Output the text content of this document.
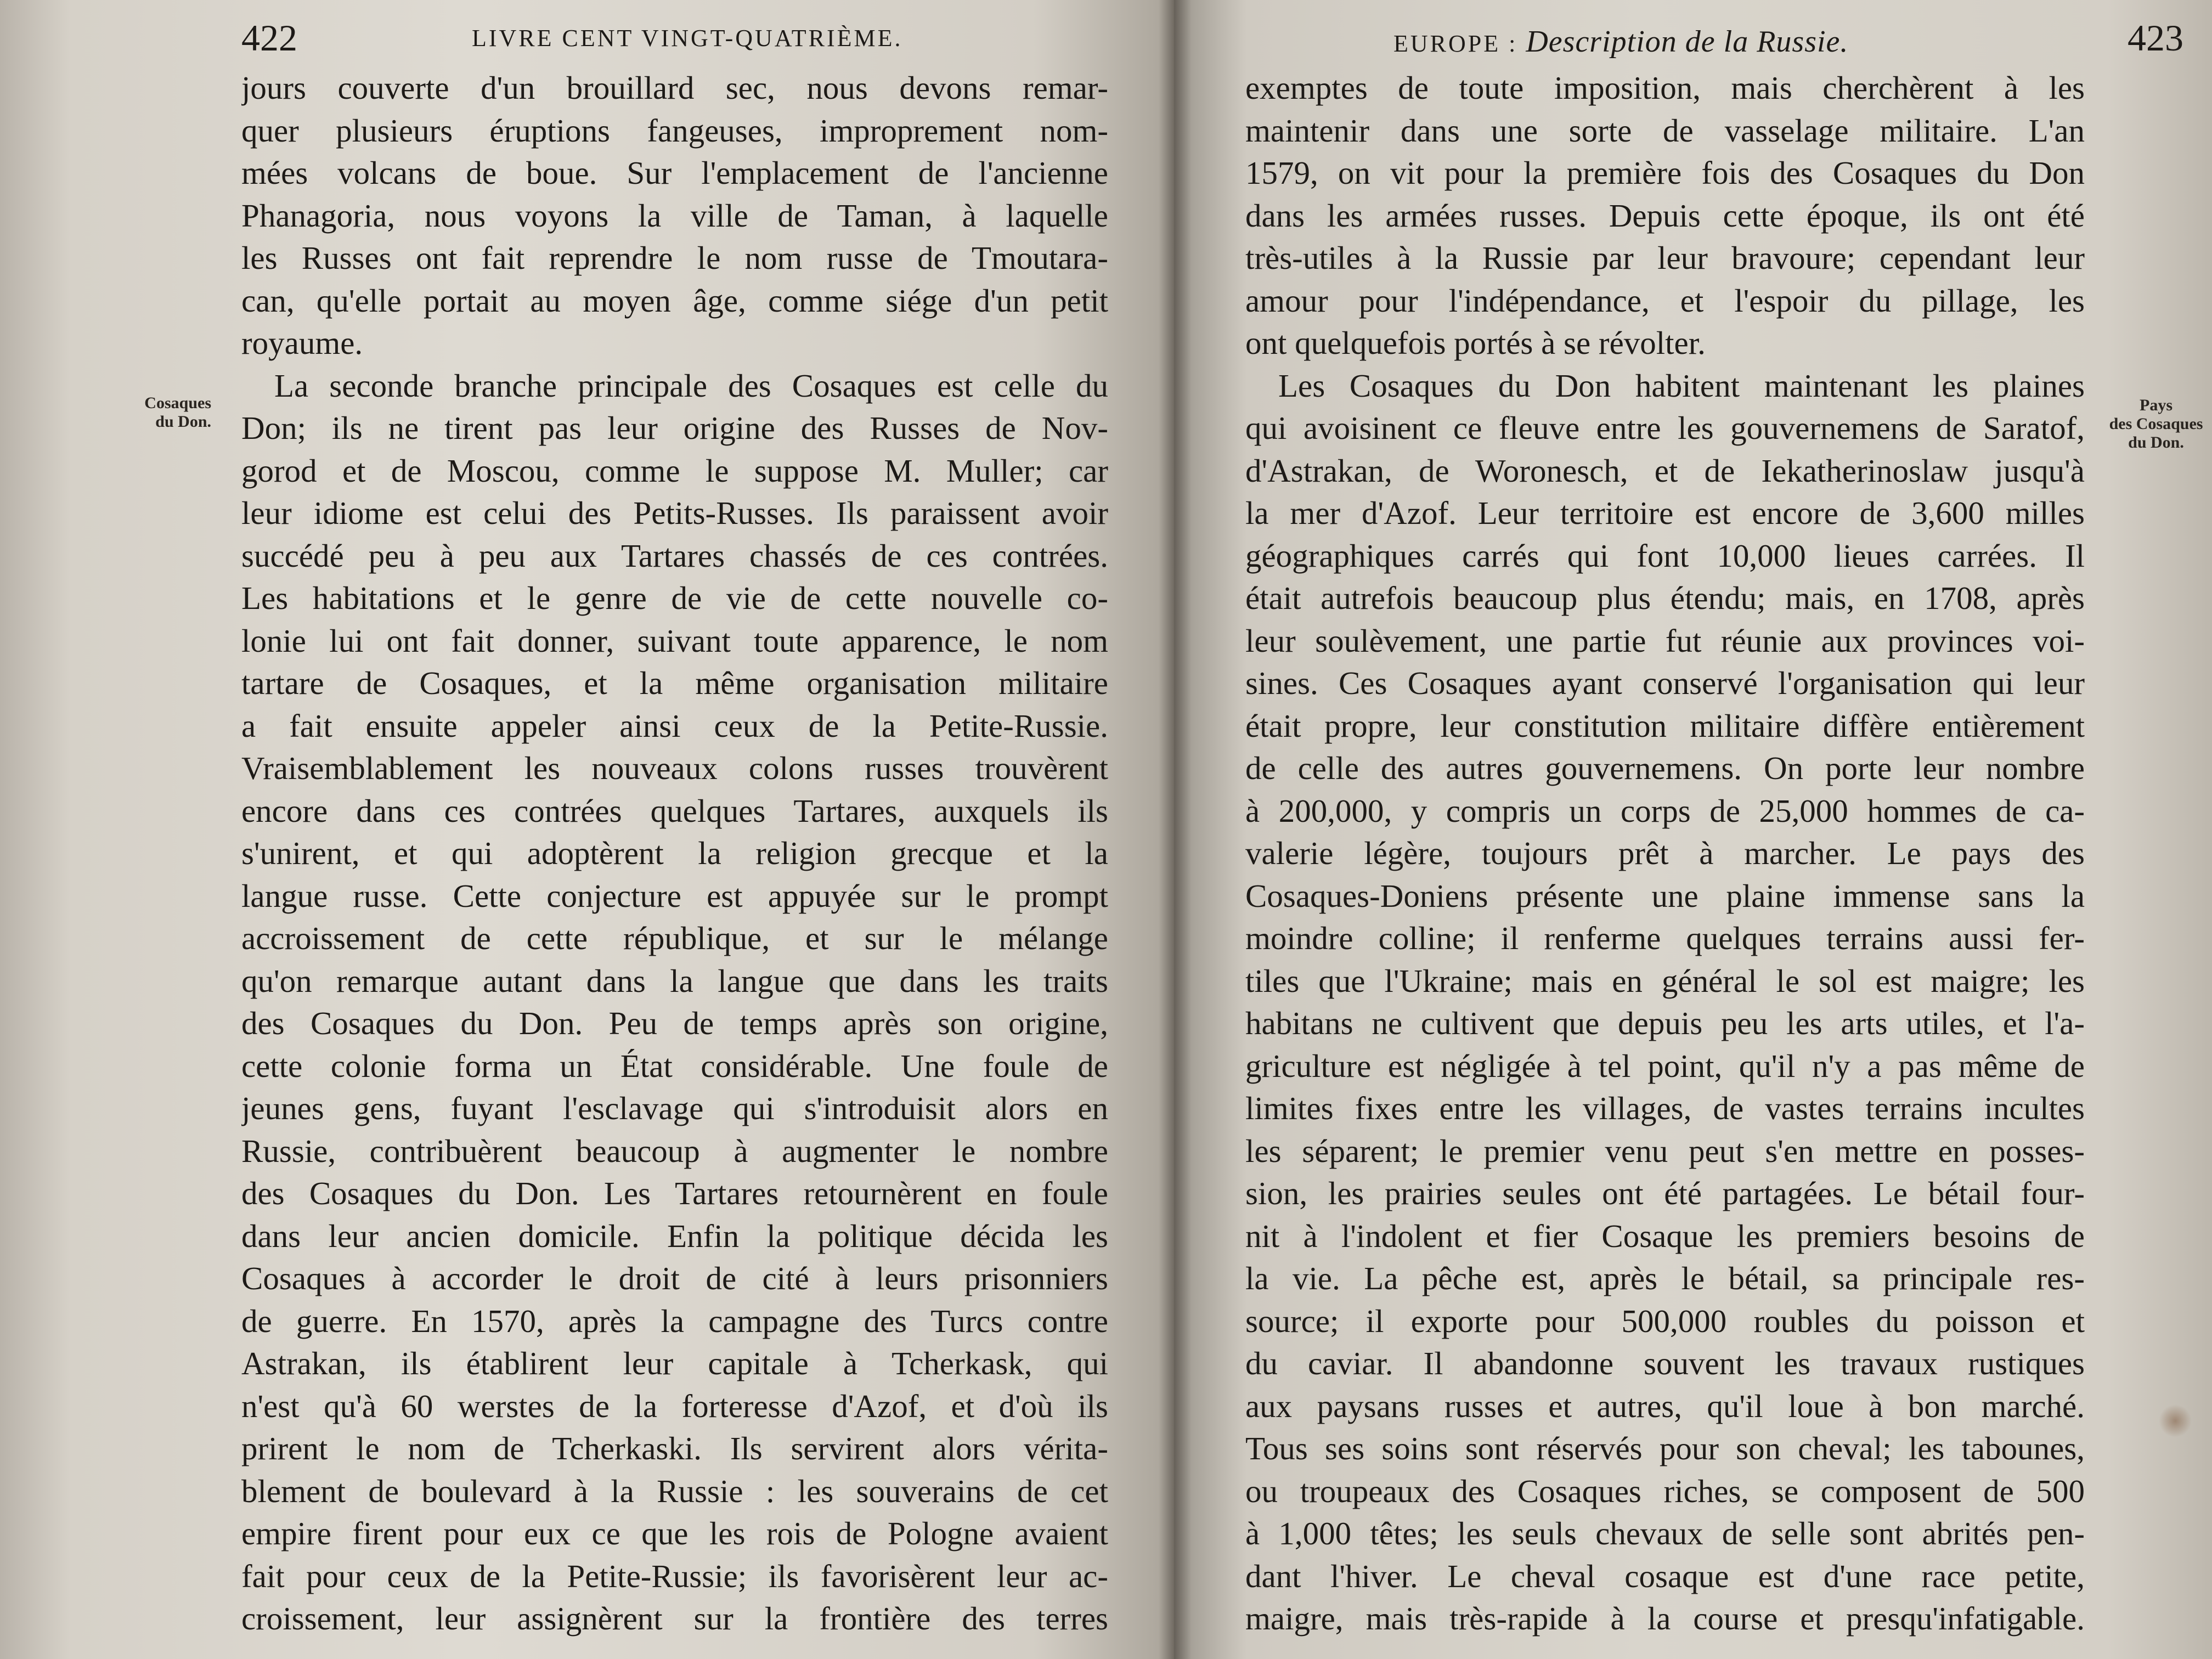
422	LIVRE CENT VINGT-QUATRIÈME.	EUROPE : Description de la Russie.	423
Cosaques
du Don.
Pays
des Cosaques
du Don.
jours couverte d'un brouillard sec, nous devons remar-
quer plusieurs éruptions fangeuses, improprement nom-
mées volcans de boue. Sur l'emplacement de l'ancienne
Phanagoria, nous voyons la ville de Taman, à laquelle
les Russes ont fait reprendre le nom russe de Tmoutara-
can, qu'elle portait au moyen âge, comme siége d'un petit
royaume.
La seconde branche principale des Cosaques est celle du
Don; ils ne tirent pas leur origine des Russes de Nov-
gorod et de Moscou, comme le suppose M. Muller; car
leur idiome est celui des Petits-Russes. Ils paraissent avoir
succédé peu à peu aux Tartares chassés de ces contrées.
Les habitations et le genre de vie de cette nouvelle co-
lonie lui ont fait donner, suivant toute apparence, le nom
tartare de Cosaques, et la même organisation militaire
a fait ensuite appeler ainsi ceux de la Petite-Russie.
Vraisemblablement les nouveaux colons russes trouvèrent
encore dans ces contrées quelques Tartares, auxquels ils
s'unirent, et qui adoptèrent la religion grecque et la
langue russe. Cette conjecture est appuyée sur le prompt
accroissement de cette république, et sur le mélange
qu'on remarque autant dans la langue que dans les traits
des Cosaques du Don. Peu de temps après son origine,
cette colonie forma un État considérable. Une foule de
jeunes gens, fuyant l'esclavage qui s'introduisit alors en
Russie, contribuèrent beaucoup à augmenter le nombre
des Cosaques du Don. Les Tartares retournèrent en foule
dans leur ancien domicile. Enfin la politique décida les
Cosaques à accorder le droit de cité à leurs prisonniers
de guerre. En 1570, après la campagne des Turcs contre
Astrakan, ils établirent leur capitale à Tcherkask, qui
n'est qu'à 60 werstes de la forteresse d'Azof, et d'où ils
prirent le nom de Tcherkaski. Ils servirent alors vérita-
blement de boulevard à la Russie : les souverains de cet
empire firent pour eux ce que les rois de Pologne avaient
fait pour ceux de la Petite-Russie; ils favorisèrent leur ac-
croissement, leur assignèrent sur la frontière des terres
exemptes de toute imposition, mais cherchèrent à les
maintenir dans une sorte de vasselage militaire. L'an
1579, on vit pour la première fois des Cosaques du Don
dans les armées russes. Depuis cette époque, ils ont été
très-utiles à la Russie par leur bravoure; cependant leur
amour pour l'indépendance, et l'espoir du pillage, les
ont quelquefois portés à se révolter.
Les Cosaques du Don habitent maintenant les plaines
qui avoisinent ce fleuve entre les gouvernemens de Saratof,
d'Astrakan, de Woronesch, et de Iekatherinoslaw jusqu'à
la mer d'Azof. Leur territoire est encore de 3,600 milles
géographiques carrés qui font 10,000 lieues carrées. Il
était autrefois beaucoup plus étendu; mais, en 1708, après
leur soulèvement, une partie fut réunie aux provinces voi-
sines. Ces Cosaques ayant conservé l'organisation qui leur
était propre, leur constitution militaire diffère entièrement
de celle des autres gouvernemens. On porte leur nombre
à 200,000, y compris un corps de 25,000 hommes de ca-
valerie légère, toujours prêt à marcher. Le pays des
Cosaques-Doniens présente une plaine immense sans la
moindre colline; il renferme quelques terrains aussi fer-
tiles que l'Ukraine; mais en général le sol est maigre; les
habitans ne cultivent que depuis peu les arts utiles, et l'a-
griculture est négligée à tel point, qu'il n'y a pas même de
limites fixes entre les villages, de vastes terrains incultes
les séparent; le premier venu peut s'en mettre en posses-
sion, les prairies seules ont été partagées. Le bétail four-
nit à l'indolent et fier Cosaque les premiers besoins de
la vie. La pêche est, après le bétail, sa principale res-
source; il exporte pour 500,000 roubles du poisson et
du caviar. Il abandonne souvent les travaux rustiques
aux paysans russes et autres, qu'il loue à bon marché.
Tous ses soins sont réservés pour son cheval; les tabounes,
ou troupeaux des Cosaques riches, se composent de 500
à 1,000 têtes; les seuls chevaux de selle sont abrités pen-
dant l'hiver. Le cheval cosaque est d'une race petite,
maigre, mais très-rapide à la course et presqu'infatigable.
